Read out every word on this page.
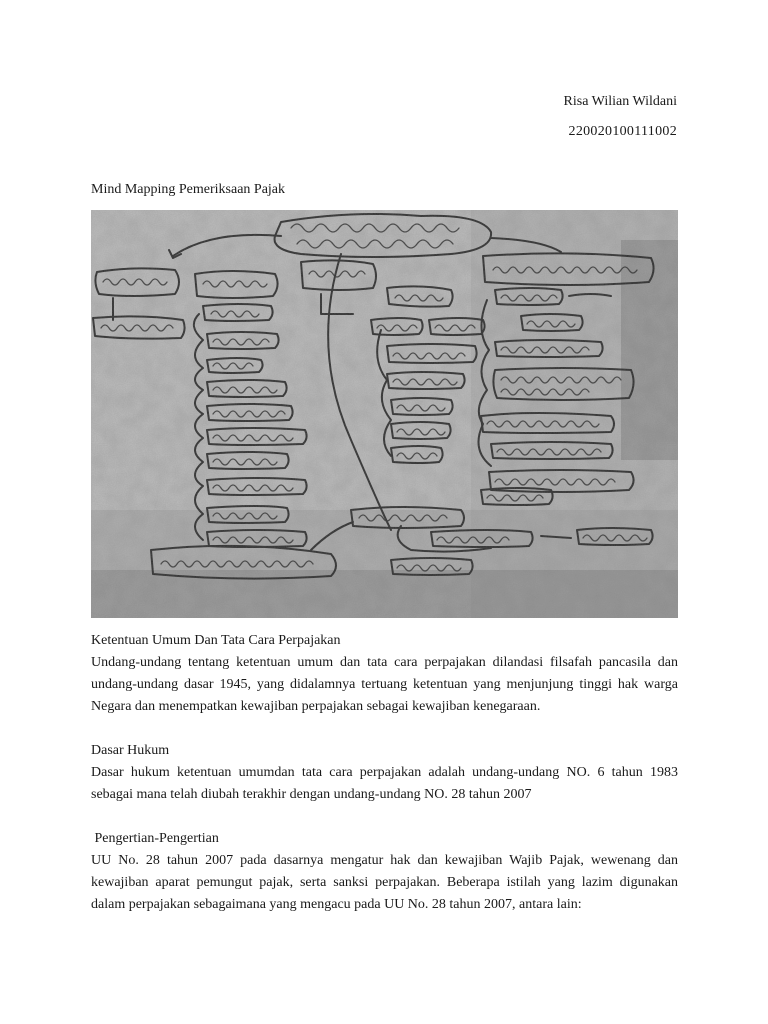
Risa Wilian Wildani
220020100111002
Mind Mapping Pemeriksaan Pajak
Ketentuan Umum Dan Tata Cara Perpajakan

Undang-undang tentang ketentuan umum dan tata cara perpajakan dilandasi filsafah pancasila dan undang-undang dasar 1945, yang didalamnya tertuang ketentuan yang menjunjung tinggi hak warga Negara dan menempatkan kewajiban perpajakan sebagai kewajiban kenegaraan.

Dasar Hukum

Dasar hukum ketentuan umumdan tata cara perpajakan adalah undang-undang NO. 6 tahun 1983 sebagai mana telah diubah terakhir dengan undang-undang NO. 28 tahun 2007

Pengertian-Pengertian

UU No. 28 tahun 2007 pada dasarnya mengatur hak dan kewajiban Wajib Pajak, wewenang dan kewajiban aparat pemungut pajak, serta sanksi perpajakan. Beberapa istilah yang lazim digunakan dalam perpajakan sebagaimana yang mengacu pada UU No. 28 tahun 2007, antara lain:
